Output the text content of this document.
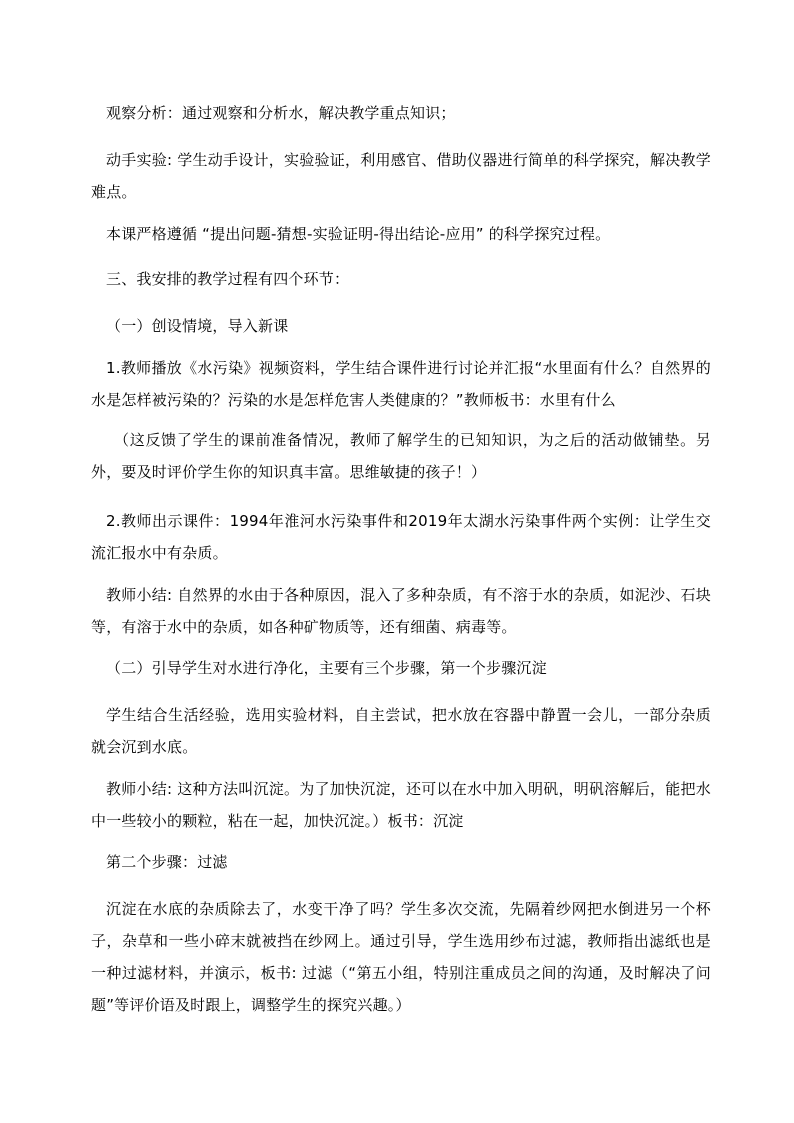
观察分析：通过观察和分析水，解决教学重点知识；
动手实验: 学生动手设计，实验验证，利用感官、借助仪器进行简单的科学探究，解决教学难点。
本课严格遵循 “提出问题-猜想-实验证明-得出结论-应用” 的科学探究过程。
三、我安排的教学过程有四个环节：
（一）创设情境，导入新课
1.教师播放《水污染》视频资料，学生结合课件进行讨论并汇报“水里面有什么？自然界的水是怎样被污染的？污染的水是怎样危害人类健康的？”教师板书：水里有什么
（这反馈了学生的课前准备情况，教师了解学生的已知知识，为之后的活动做铺垫。另外，要及时评价学生你的知识真丰富。思维敏捷的孩子！）
2.教师出示课件：1994年淮河水污染事件和2019年太湖水污染事件两个实例：让学生交流汇报水中有杂质。
教师小结: 自然界的水由于各种原因，混入了多种杂质，有不溶于水的杂质，如泥沙、石块等，有溶于水中的杂质，如各种矿物质等，还有细菌、病毒等。
（二）引导学生对水进行净化，主要有三个步骤，第一个步骤沉淀
学生结合生活经验，选用实验材料，自主尝试，把水放在容器中静置一会儿，一部分杂质就会沉到水底。
教师小结: 这种方法叫沉淀。为了加快沉淀，还可以在水中加入明矾，明矾溶解后，能把水中一些较小的颗粒，粘在一起，加快沉淀。）板书：沉淀
第二个步骤：过滤
沉淀在水底的杂质除去了，水变干净了吗？学生多次交流，先隔着纱网把水倒进另一个杯子，杂草和一些小碎末就被挡在纱网上。通过引导，学生选用纱布过滤，教师指出滤纸也是一种过滤材料，并演示，板书: 过滤（“第五小组，特别注重成员之间的沟通，及时解决了问题”等评价语及时跟上，调整学生的探究兴趣。）
